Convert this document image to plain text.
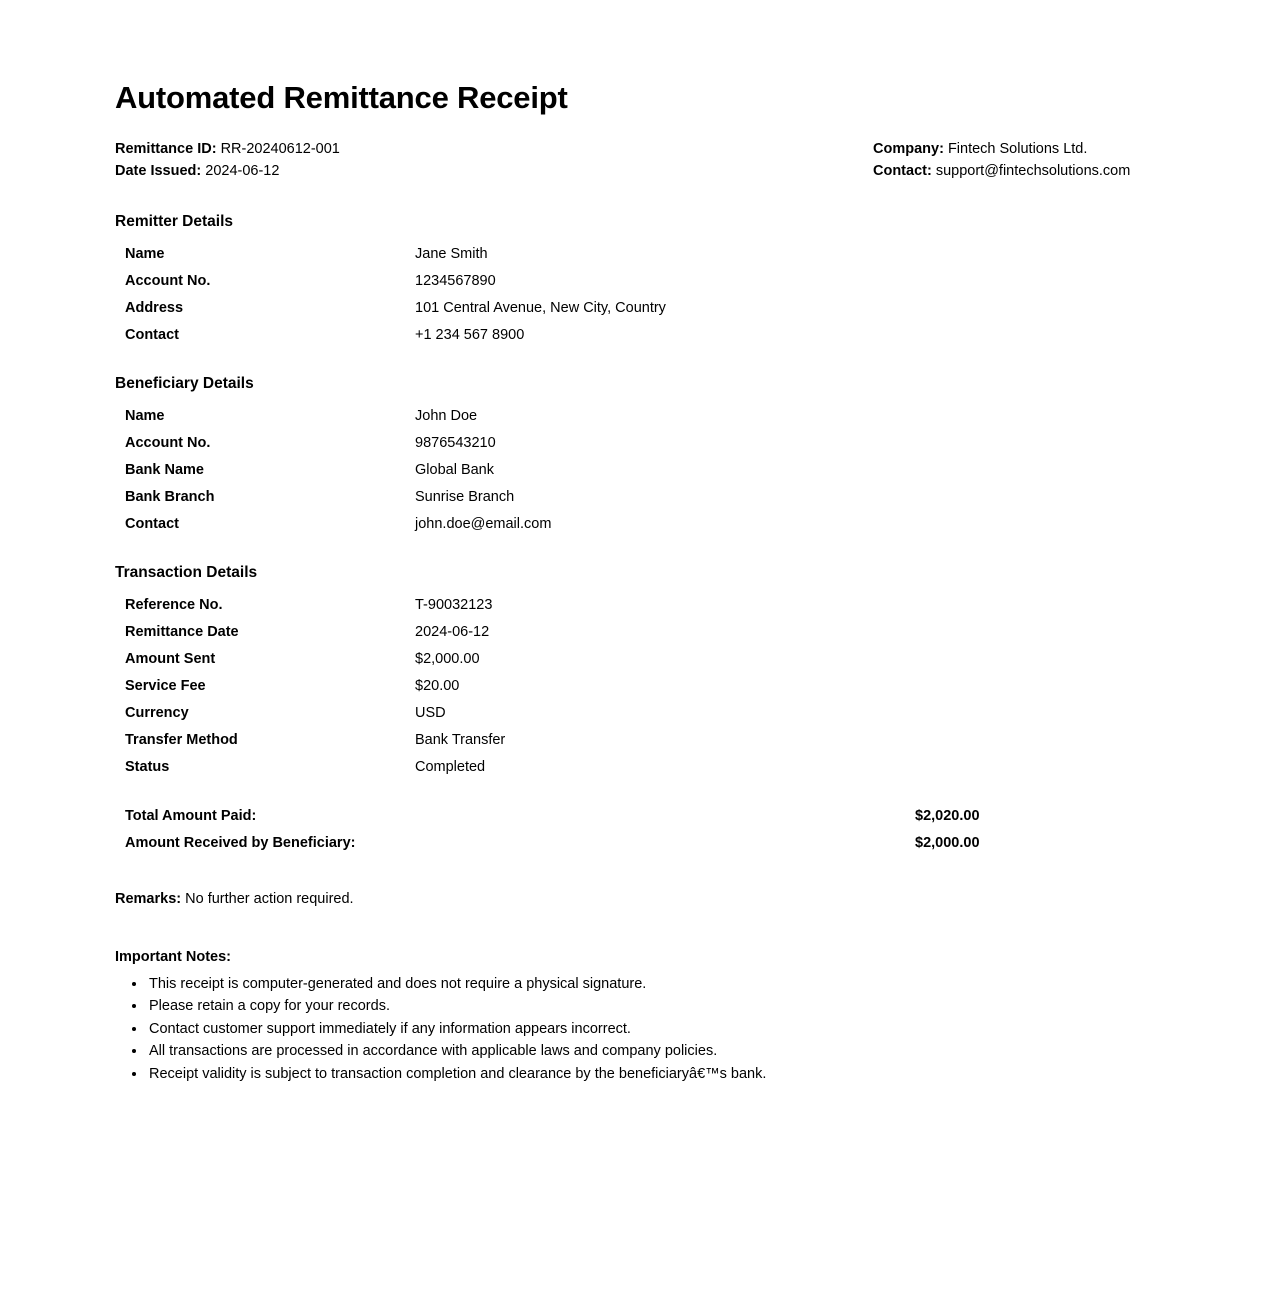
Automated Remittance Receipt
Remittance ID: RR-20240612-001
Date Issued: 2024-06-12
Company: Fintech Solutions Ltd.
Contact: support@fintechsolutions.com
Remitter Details
Name	Jane Smith
Account No.	1234567890
Address	101 Central Avenue, New City, Country
Contact	+1 234 567 8900
Beneficiary Details
Name	John Doe
Account No.	9876543210
Bank Name	Global Bank
Bank Branch	Sunrise Branch
Contact	john.doe@email.com
Transaction Details
Reference No.	T-90032123
Remittance Date	2024-06-12
Amount Sent	$2,000.00
Service Fee	$20.00
Currency	USD
Transfer Method	Bank Transfer
Status	Completed
Total Amount Paid:	$2,020.00
Amount Received by Beneficiary:	$2,000.00
Remarks: No further action required.
Important Notes:
• This receipt is computer-generated and does not require a physical signature.
• Please retain a copy for your records.
• Contact customer support immediately if any information appears incorrect.
• All transactions are processed in accordance with applicable laws and company policies.
• Receipt validity is subject to transaction completion and clearance by the beneficiaryâ€™s bank.
